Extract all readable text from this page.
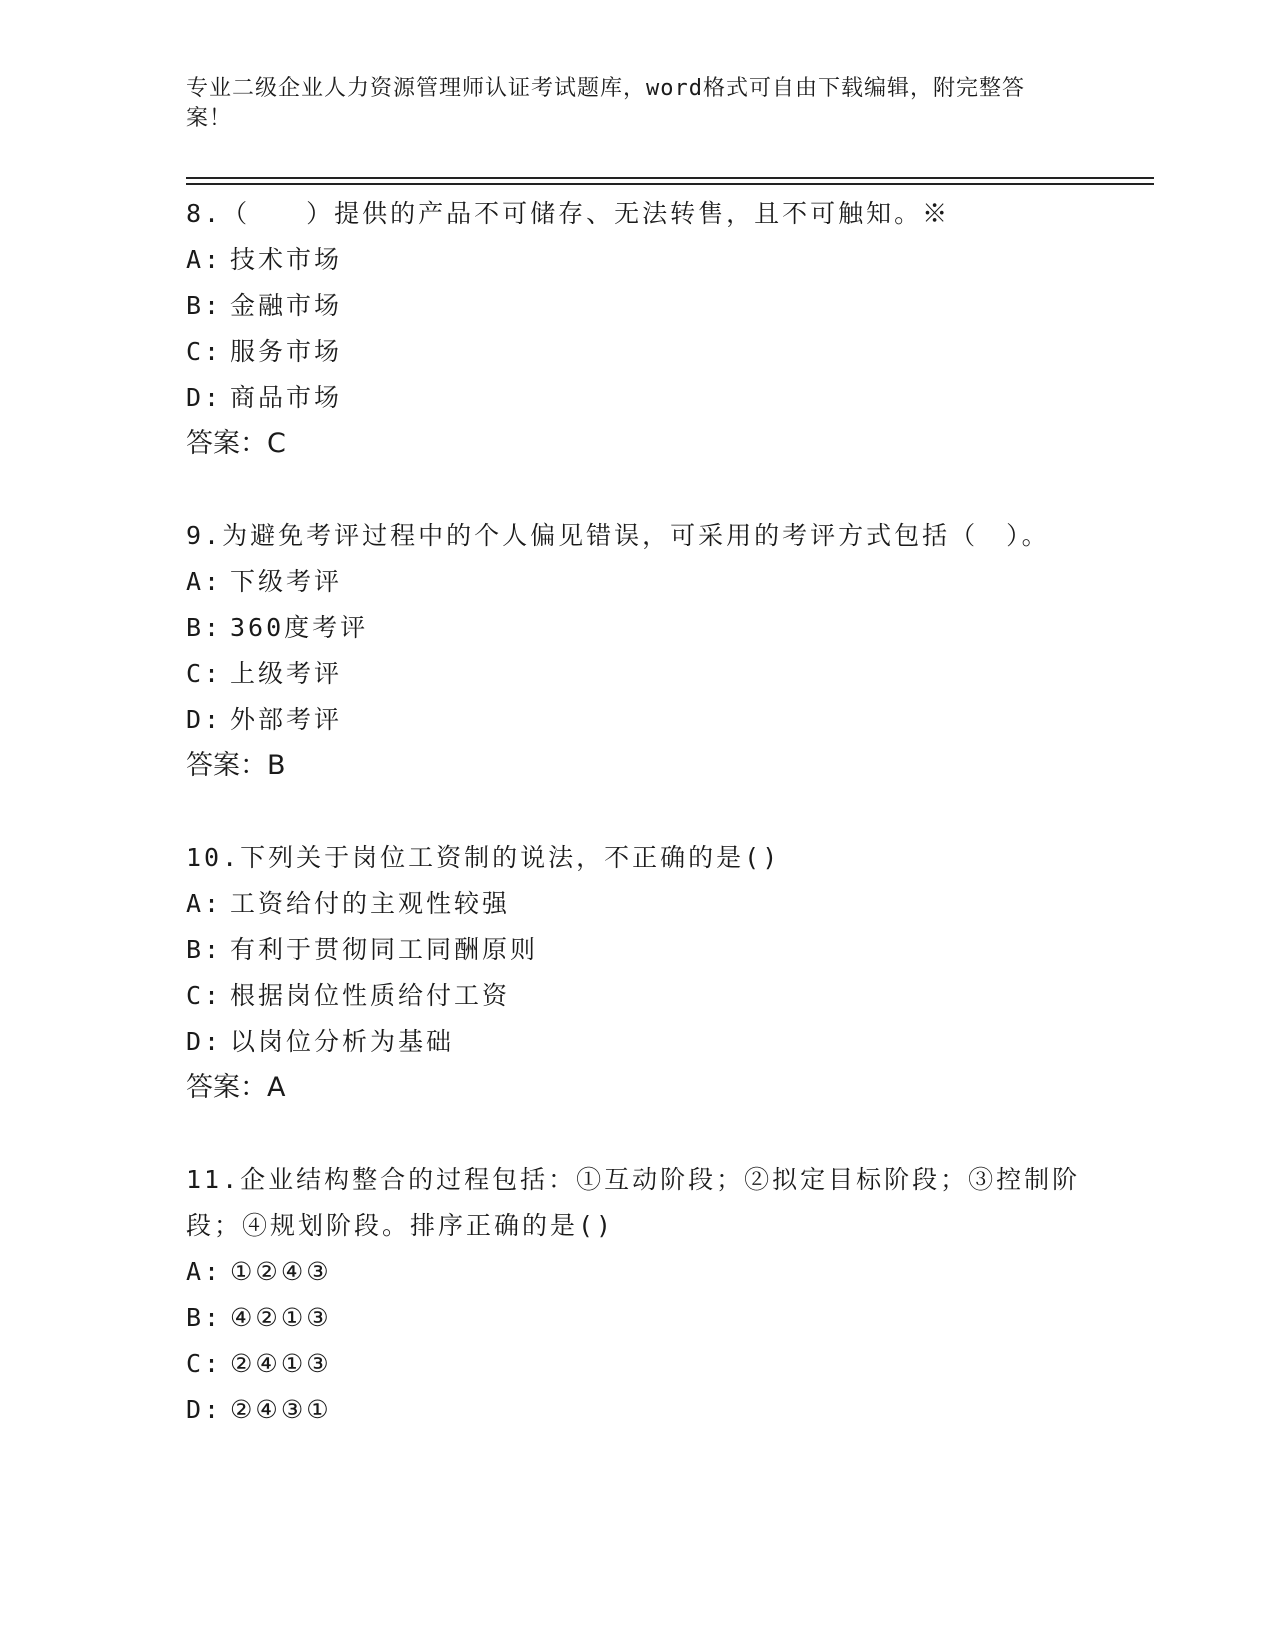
专业二级企业人力资源管理师认证考试题库，word格式可自由下载编辑，附完整答案！
8.（　　）提供的产品不可储存、无法转售，且不可触知。※
A: 技术市场
B: 金融市场
C: 服务市场
D: 商品市场
答案：C
9.为避免考评过程中的个人偏见错误，可采用的考评方式包括（　）。
A: 下级考评
B: 360度考评
C: 上级考评
D: 外部考评
答案：B
10.下列关于岗位工资制的说法，不正确的是()
A: 工资给付的主观性较强
B: 有利于贯彻同工同酬原则
C: 根据岗位性质给付工资
D: 以岗位分析为基础
答案：A
11.企业结构整合的过程包括：①互动阶段；②拟定目标阶段；③控制阶段；④规划阶段。排序正确的是()
A: ①②④③
B: ④②①③
C: ②④①③
D: ②④③①
